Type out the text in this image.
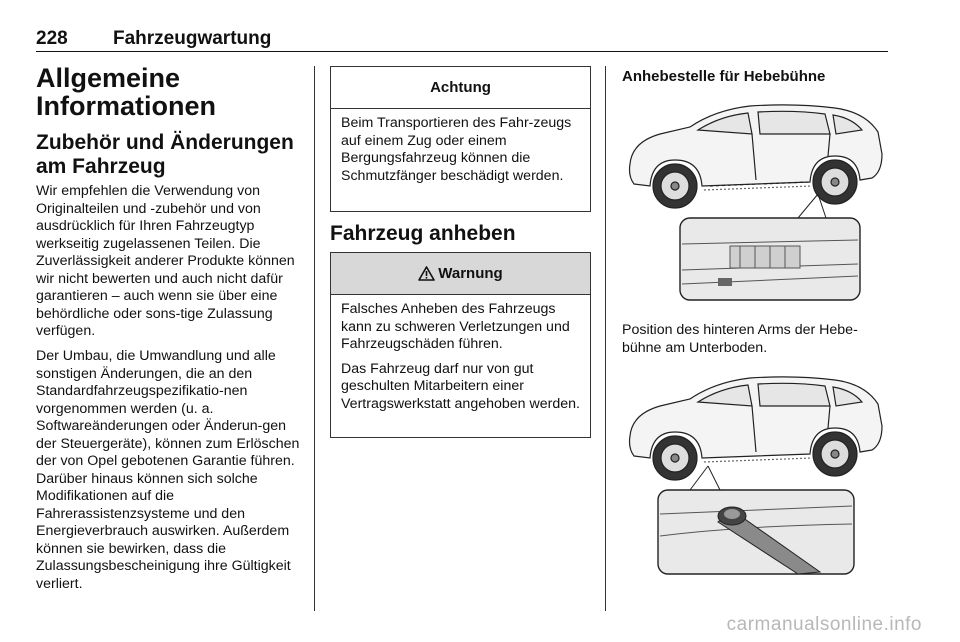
228 Fahrzeugwartung
Allgemeine Informationen
Zubehör und Änderungen am Fahrzeug
Wir empfehlen die Verwendung von Originalteilen und -zubehör und von ausdrücklich für Ihren Fahrzeugtyp werkseitig zugelassenen Teilen. Die Zuverlässigkeit anderer Produkte können wir nicht bewerten und auch nicht dafür garantieren – auch wenn sie über eine behördliche oder sons-tige Zulassung verfügen.
Der Umbau, die Umwandlung und alle sonstigen Änderungen, die an den Standardfahrzeugspezifikatio-nen vorgenommen werden (u. a. Softwareänderungen oder Änderun-gen der Steuergeräte), können zum Erlöschen der von Opel gebotenen Garantie führen. Darüber hinaus können sich solche Modifikationen auf die Fahrerassistenzsysteme und den Energieverbrauch auswirken. Außerdem können sie bewirken, dass die Zulassungsbescheinigung ihre Gültigkeit verliert.
Achtung
Beim Transportieren des Fahr-zeugs auf einem Zug oder einem Bergungsfahrzeug können die Schmutzfänger beschädigt werden.
Fahrzeug anheben
Warnung

Falsches Anheben des Fahrzeugs kann zu schweren Verletzungen und Fahrzeugschäden führen.

Das Fahrzeug darf nur von gut geschulten Mitarbeitern einer Vertragswerkstatt angehoben werden.

Anhebestelle für Hebebühne
Position des hinteren Arms der Hebe-bühne am Unterboden.
carmanualsonline.info
